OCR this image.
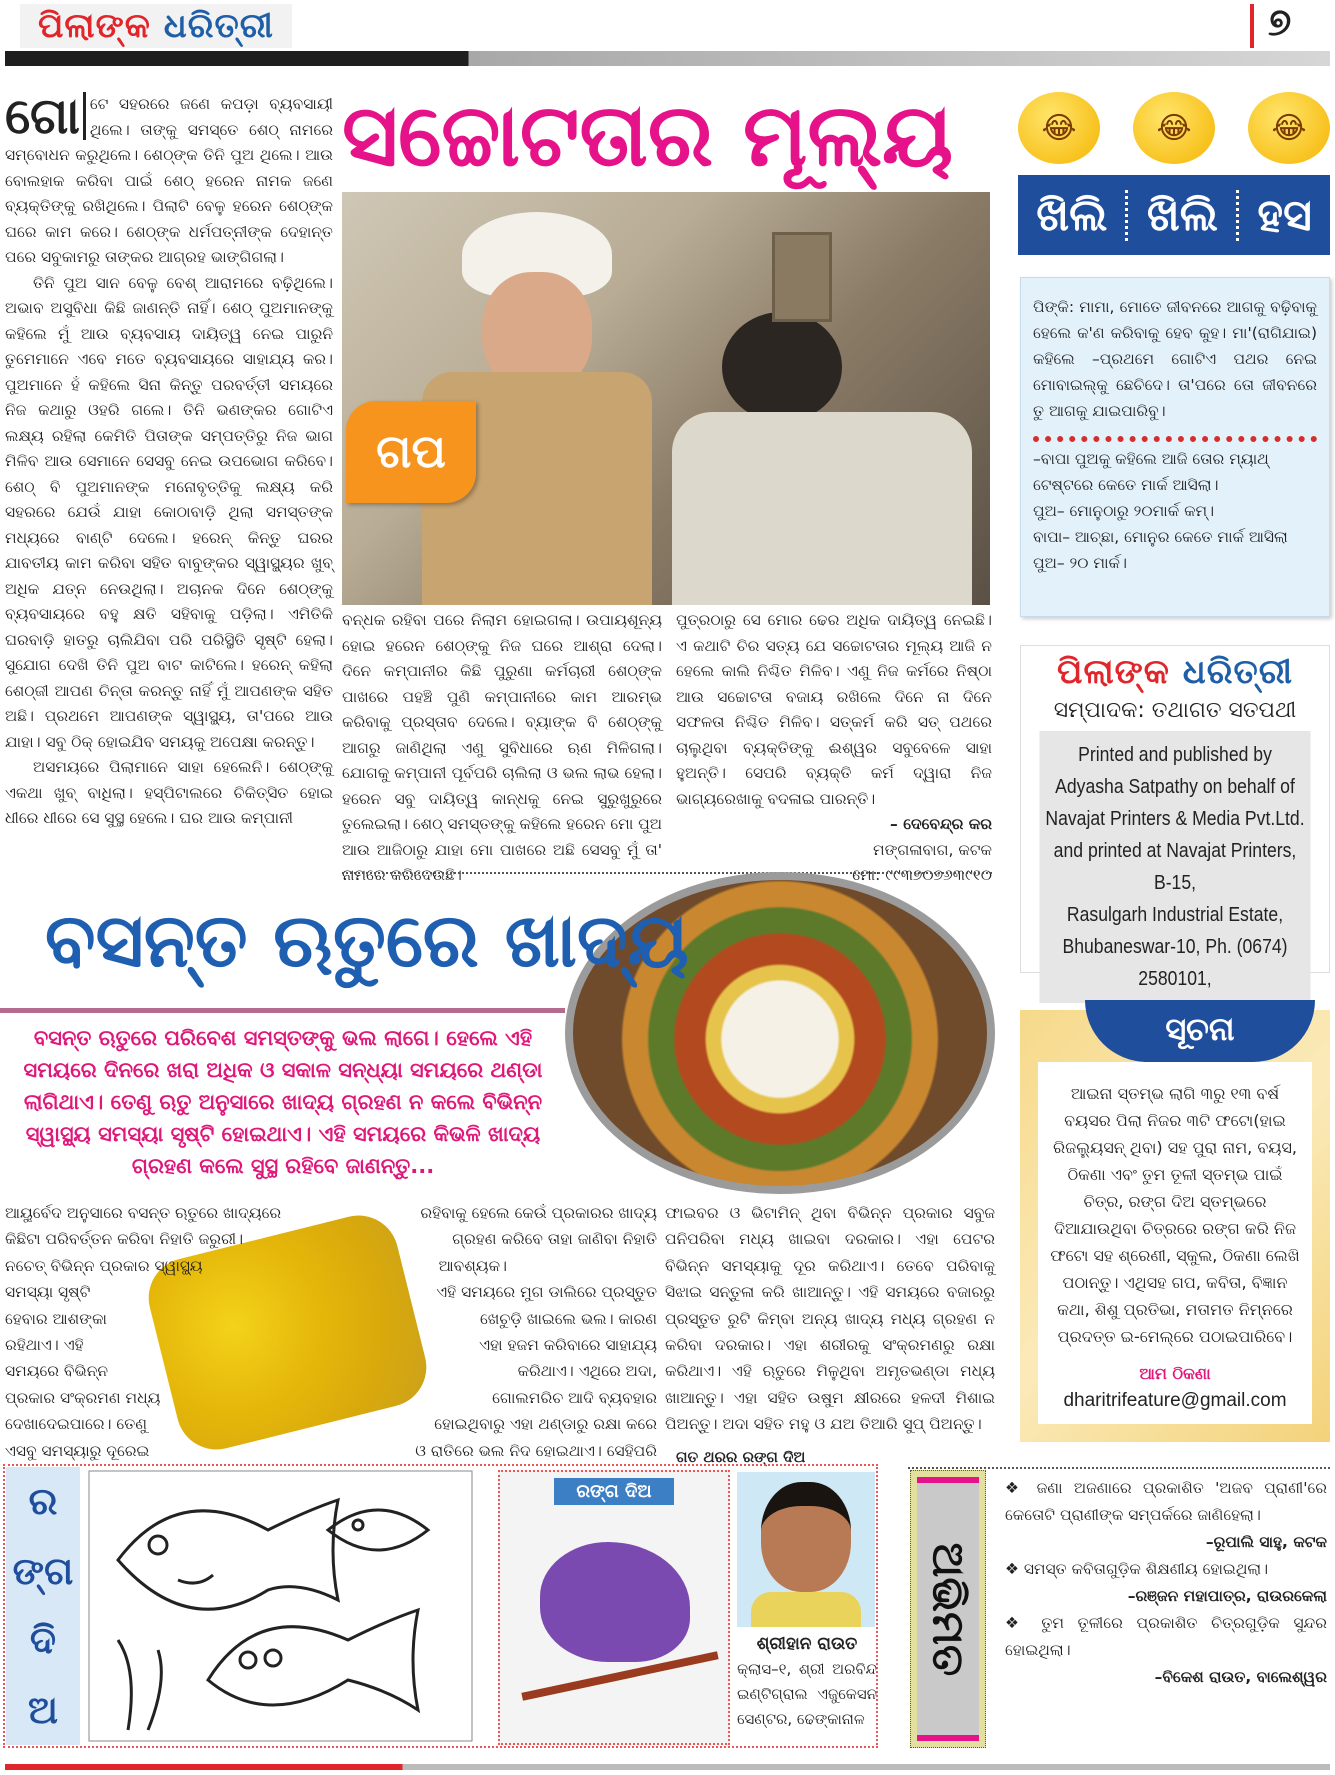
ପିଲାଙ୍କ ଧରିତ୍ରୀ	୭

ଗୋ ଟେ ସହରରେ ଜଣେ କପଡ଼ା ବ୍ୟବସାୟୀ ଥିଲେ। ତାଙ୍କୁ ସମସ୍ତେ ଶେଠ୍ ନାମରେ ସମ୍ବୋଧନ କରୁଥିଲେ। ଶେଠ୍‌ଙ୍କ ତିନି ପୁଅ ଥିଲେ। ଆଉ ବୋଲହାକ କରିବା ପାଇଁ ଶେଠ୍ ହରେନ ନାମକ ଜଣେ ବ୍ୟକ୍ତିଙ୍କୁ ରଖିଥିଲେ। ପିଲାଟି ବେଳୁ ହରେନ ଶେଠ୍‌ଙ୍କ ଘରେ କାମ କରେ। ଶେଠ୍‌ଙ୍କ ଧର୍ମପତ୍ନୀଙ୍କ ଦେହାନ୍ତ ପରେ ସବୁକାମରୁ ତାଙ୍କର ଆଗ୍ରହ ଭାଙ୍ଗିଗଲା।

ତିନି ପୁଅ ସାନ ବେଳୁ ବେଶ୍ ଆରାମରେ ବଢ଼ିଥିଲେ। ଅଭାବ ଅସୁବିଧା କିଛି ଜାଣନ୍ତି ନାହିଁ। ଶେଠ୍ ପୁଅମାନଙ୍କୁ କହିଲେ ମୁଁ ଆଉ ବ୍ୟବସାୟ ଦାୟିତ୍ୱ ନେଇ ପାରୁନି ତୁମେମାନେ ଏବେ ମତେ ବ୍ୟବସାୟରେ ସାହାଯ୍ୟ କର। ପୁଅମାନେ ହଁ କହିଲେ ସିନା କିନ୍ତୁ ପରବର୍ତ୍ତୀ ସମୟରେ ନିଜ କଥାରୁ ଓହରି ଗଲେ। ତିନି ଭଣଙ୍କର ଗୋଟିଏ ଲକ୍ଷ୍ୟ ରହିଲା କେମିତି ପିତାଙ୍କ ସମ୍ପତ୍ତିରୁ ନିଜ ଭାଗ ମିଳିବ ଆଉ ସେମାନେ ସେସବୁ ନେଇ ଉପଭୋଗ କରିବେ। ଶେଠ୍ ବି ପୁଅମାନଙ୍କ ମନୋବୃତ୍ତିକୁ ଲକ୍ଷ୍ୟ କରି ସହରରେ ଯେଉଁ ଯାହା କୋଠାବାଡ଼ି ଥିଲା ସମସ୍ତଙ୍କ ମଧ୍ୟରେ ବାଣ୍ଟି ଦେଲେ। ହରେନ୍ କିନ୍ତୁ ଘରର ଯାବତୀୟ କାମ କରିବା ସହିତ ବାବୁଙ୍କର ସ୍ୱାସ୍ଥ୍ୟର ଖୁବ୍ ଅଧିକ ଯତ୍ନ ନେଉଥିଲା। ଅଚାନକ ଦିନେ ଶେଠ୍‌ଙ୍କୁ ବ୍ୟବସାୟରେ ବହୁ କ୍ଷତି ସହିବାକୁ ପଡ଼ିଲା। ଏମିତିକି ଘରବାଡ଼ି ହାତରୁ ଚାଲିଯିବା ପରି ପରିସ୍ଥିତି ସୃଷ୍ଟି ହେଲା। ସୁଯୋଗ ଦେଖି ତିନି ପୁଅ ବାଟ କାଟିଲେ। ହରେନ୍ କହିଲା ଶେଠ୍‌ଜୀ ଆପଣ ଚିନ୍ତା କରନ୍ତୁ ନାହିଁ ମୁଁ ଆପଣଙ୍କ ସହିତ ଅଛି। ପ୍ରଥମେ ଆପଣଙ୍କ ସ୍ୱାସ୍ଥ୍ୟ, ତା'ପରେ ଆଉ ଯାହା। ସବୁ ଠିକ୍ ହୋଇଯିବ ସମୟକୁ ଅପେକ୍ଷା କରନ୍ତୁ।

ଅସମୟରେ ପିଲାମାନେ ସାହା ହେଲେନି। ଶେଠ୍‌ଙ୍କୁ ଏକଥା ଖୁବ୍ ବାଧିଲା। ହସ୍ପିଟାଲରେ ଚିକିତ୍ସିତ ହୋଇ ଧୀରେ ଧୀରେ ସେ ସୁସ୍ଥ ହେଲେ। ଘର ଆଉ କମ୍ପାନୀ

ସଚ୍ଚୋଟତାର ମୂଲ୍ୟ
ଗପ
ବନ୍ଧକ ରହିବା ପରେ ନିଲାମ ହୋଇଗଲା। ଉପାୟଶୂନ୍ୟ ହୋଇ ହରେନ ଶେଠ୍‌ଙ୍କୁ ନିଜ ଘରେ ଆଶ୍ରା ଦେଲା। ଦିନେ କମ୍ପାନୀର କିଛି ପୁରୁଣା କର୍ମଚାରୀ ଶେଠ୍‌ଙ୍କ ପାଖରେ ପହଞ୍ଚି ପୁଣି କମ୍ପାନୀରେ କାମ ଆରମ୍ଭ କରିବାକୁ ପ୍ରସ୍ତାବ ଦେଲେ। ବ୍ୟାଙ୍କ ବି ଶେଠ୍‌ଙ୍କୁ ଆଗରୁ ଜାଣିଥିଲା ଏଣୁ ସୁବିଧାରେ ଋଣ ମିଳିଗଲା। ଯୋଗକୁ କମ୍ପାନୀ ପୂର୍ବପରି ଚାଲିଲା ଓ ଭଲ ଲାଭ ହେଲା। ହରେନ ସବୁ ଦାୟିତ୍ୱ କାନ୍ଧକୁ ନେଇ ସୁରୁଖୁରୁରେ ତୁଲେଇଲା। ଶେଠ୍ ସମସ୍ତଙ୍କୁ କହିଲେ ହରେନ ମୋ ପୁଅ ଆଉ ଆଜିଠାରୁ ଯାହା ମୋ ପାଖରେ ଅଛି ସେସବୁ ମୁଁ ତା' ନାମରେ କରିଦେଉଛି।

ପୁତ୍ରଠାରୁ ସେ ମୋର ଢେର ଅଧିକ ଦାୟିତ୍ୱ ନେଇଛି। ଏ କଥାଟି ଚିର ସତ୍ୟ ଯେ ସଚ୍ଚୋଟତାର ମୂଲ୍ୟ ଆଜି ନ ହେଲେ କାଲି ନିଶ୍ଚିତ ମିଳିବ। ଏଣୁ ନିଜ କର୍ମରେ ନିଷ୍ଠା ଆଉ ସଚ୍ଚୋଟତା ବଜାୟ ରଖିଲେ ଦିନେ ନା ଦିନେ ସଫଳତା ନିଶ୍ଚିତ ମିଳିବ। ସତ୍‌କର୍ମ କରି ସତ୍ ପଥରେ ଚାଲୁଥିବା ବ୍ୟକ୍ତିଙ୍କୁ ଈଶ୍ୱର ସବୁବେଳେ ସାହା ହୁଅନ୍ତି। ସେପରି ବ୍ୟକ୍ତି କର୍ମ ଦ୍ୱାରା ନିଜ ଭାଗ୍ୟରେଖାକୁ ବଦଳାଇ ପାରନ୍ତି।

– ଦେବେନ୍ଦ୍ର କର

ମଙ୍ଗଳାବାଗ, କଟକ

ମୋ: ୯୯୩୭୦୭୬୩୯୧୦

😂	😂	😂
ଖିଲି ଖିଲି ହସ

ପିଙ୍କି: ମାମା, ମୋତେ ଜୀବନରେ ଆଗକୁ ବଢ଼ିବାକୁ ହେଲେ କ'ଣ କରିବାକୁ ହେବ କୁହ। ମା'(ରାଗିଯାଇ) କହିଲେ –ପ୍ରଥମେ ଗୋଟିଏ ପଥର ନେଇ ମୋବାଇଲ୍‌କୁ ଛେଚିଦେ। ତା'ପରେ ତୋ ଜୀବନରେ ତୁ ଆଗକୁ ଯାଇପାରିବୁ।

–ବାପା ପୁଅକୁ କହିଲେ ଆଜି ତୋର ମ୍ୟାଥ୍ ଟେଷ୍ଟରେ କେତେ ମାର୍କ ଆସିଲା।

ପୁଅ– ମୋନୁଠାରୁ ୨୦ମାର୍କ କମ୍।

ବାପା– ଆଚ୍ଛା, ମୋନୁର କେତେ ମାର୍କ ଆସିଲା

ପୁଅ– ୨୦ ମାର୍କ।

ପିଲାଙ୍କ ଧରିତ୍ରୀ
ସମ୍ପାଦକ: ତଥାଗତ ସତପଥୀ
Printed and published by
Adyasha Satpathy on behalf of
Navajat Printers & Media Pvt.Ltd.
and printed at Navajat Printers, B-15,
Rasulgarh Industrial Estate,
Bhubaneswar-10, Ph. (0674) 2580101,

ଆଇନା ସ୍ତମ୍ଭ ଲାଗି ୩ରୁ ୧୩ ବର୍ଷ ବୟସର ପିଲା ନିଜର ୩ଟି ଫଟୋ(ହାଇ ରିଜଲ୍ୟୁସନ୍ ଥିବା) ସହ ପୁରା ନାମ, ବୟସ, ଠିକଣା ଏବଂ ତୁମ ତୂଳୀ ସ୍ତମ୍ଭ ପାଇଁ ଚିତ୍ର, ରଙ୍ଗ ଦିଅ ସ୍ତମ୍ଭରେ ଦିଆଯାଉଥିବା ଚିତ୍ରରେ ରଙ୍ଗ କରି ନିଜ ଫଟୋ ସହ ଶ୍ରେଣୀ, ସ୍କୁଲ, ଠିକଣା ଲେଖି ପଠାନ୍ତୁ। ଏଥିସହ ଗପ, କବିତା, ବିଜ୍ଞାନ କଥା, ଶିଶୁ ପ୍ରତିଭା, ମତାମତ ନିମ୍ନରେ ପ୍ରଦତ୍ତ ଇ-ମେଲ୍‌ରେ ପଠାଇପାରିବେ।

ଆମ ଠିକଣା

dharitrifeature@gmail.com

ସୂଚନା
ବସନ୍ତ ଋତୁରେ ଖାଦ୍ୟ
ବସନ୍ତ ଋତୁରେ ପରିବେଶ ସମସ୍ତଙ୍କୁ ଭଲ ଲାଗେ। ହେଲେ ଏହି ସମୟରେ ଦିନରେ ଖରା ଅଧିକ ଓ ସକାଳ ସନ୍ଧ୍ୟା ସମୟରେ ଥଣ୍ଡା ଲାଗିଥାଏ। ତେଣୁ ଋତୁ ଅନୁସାରେ ଖାଦ୍ୟ ଗ୍ରହଣ ନ କଲେ ବିଭିନ୍ନ ସ୍ୱାସ୍ଥ୍ୟ ସମସ୍ୟା ସୃଷ୍ଟି ହୋଇଥାଏ। ଏହି ସମୟରେ କିଭଳି ଖାଦ୍ୟ ଗ୍ରହଣ କଲେ ସୁସ୍ଥ ରହିବେ ଜାଣନ୍ତୁ...
ଆୟୁର୍ବେଦ ଅନୁସାରେ ବସନ୍ତ ଋତୁରେ ଖାଦ୍ୟରେ
କିଛିଟା ପରିବର୍ତ୍ତନ କରିବା ନିହାତି ଜରୁରୀ।
ନଚେତ୍ ବିଭିନ୍ନ ପ୍ରକାର ସ୍ୱାସ୍ଥ୍ୟ
ସମସ୍ୟା ସୃଷ୍ଟି
ହେବାର ଆଶଙ୍କା
ରହିଥାଏ। ଏହି
ସମୟରେ ବିଭିନ୍ନ
ପ୍ରକାର ସଂକ୍ରମଣ ମଧ୍ୟ
ଦେଖାଦେଇପାରେ। ତେଣୁ
ଏସବୁ ସମସ୍ୟାରୁ ଦୂରେଇ
ରହିବାକୁ ହେଲେ କେଉଁ ପ୍ରକାରର ଖାଦ୍ୟ
ଗ୍ରହଣ କରିବେ ତାହା ଜାଣିବା ନିହାତି
ଆବଶ୍ୟକ।
ଏହି ସମୟରେ ମୁଗ ଡାଲିରେ ପ୍ରସ୍ତୁତ
ଖେଚୁଡ଼ି ଖାଇଲେ ଭଲ। କାରଣ
ଏହା ହଜମ କରିବାରେ ସାହାଯ୍ୟ
କରିଥାଏ। ଏଥିରେ ଅଦା,
ଗୋଲମରିଚ ଆଦି ବ୍ୟବହାର
ହୋଇଥିବାରୁ ଏହା ଥଣ୍ଡାରୁ ରକ୍ଷା କରେ
ଓ ରାତିରେ ଭଲ ନିଦ ହୋଇଥାଏ। ସେହିପରି
ଫାଇବର ଓ ଭିଟାମିନ୍ ଥିବା ବିଭିନ୍ନ ପ୍ରକାର ସବୁଜ ପନିପରିବା ମଧ୍ୟ ଖାଇବା ଦରକାର। ଏହା ପେଟର ବିଭିନ୍ନ ସମସ୍ୟାକୁ ଦୂର କରିଥାଏ। ତେବେ ପରିବାକୁ ସିଝାଇ ସନ୍ତୁଳା କରି ଖାଆନ୍ତୁ। ଏହି ସମୟରେ ବଜାରରୁ ପ୍ରସ୍ତୁତ ରୁଟି କିମ୍ବା ଅନ୍ୟ ଖାଦ୍ୟ ମଧ୍ୟ ଗ୍ରହଣ ନ କରିବା ଦରକାର। ଏହା ଶରୀରକୁ ସଂକ୍ରମଣରୁ ରକ୍ଷା କରିଥାଏ। ଏହି ଋତୁରେ ମିଳୁଥିବା ଅମୃତଭଣ୍ଡା ମଧ୍ୟ ଖାଆନ୍ତୁ। ଏହା ସହିତ ଉଷୁମ କ୍ଷୀରରେ ହଳଦୀ ମିଶାଇ ପିଅନ୍ତୁ। ଅଦା ସହିତ ମହୁ ଓ ଯଅ ତିଆରି ସୁପ୍ ପିଅନ୍ତୁ।
ଗତ ଥରର ରଙ୍ଗ ଦିଅ
ର
ଙ୍ଗ
ଦି
ଅ
ରଙ୍ଗ ଦିଅ

ଶ୍ରୀହାନ ରାଉତ

କ୍ଲାସ–୧, ଶ୍ରୀ ଅରବିନ୍ଦ ଇଣ୍ଟିଗ୍ରାଲ ଏଜୁକେସନ ସେଣ୍ଟର, ଢେଙ୍କାନାଳ

ଅଭିମତ

❖ ଜଣା ଅଜଣାରେ ପ୍ରକାଶିତ 'ଅଜବ ପ୍ରାଣୀ'ରେ କେତୋଟି ପ୍ରାଣୀଙ୍କ ସମ୍ପର୍କରେ ଜାଣିହେଲା।

–ରୂପାଲି ସାହୁ, କଟକ

❖ ସମସ୍ତ କବିତାଗୁଡ଼ିକ ଶିକ୍ଷଣୀୟ ହୋଇଥିଲା।

–ରଞ୍ଜନ ମହାପାତ୍ର, ରାଉରକେଲା

❖ ତୁମ ତୂଳୀରେ ପ୍ରକାଶିତ ଚିତ୍ରଗୁଡ଼ିକ ସୁନ୍ଦର ହୋଇଥିଲା।

–ବିକେଶ ରାଉତ, ବାଲେଶ୍ୱର
